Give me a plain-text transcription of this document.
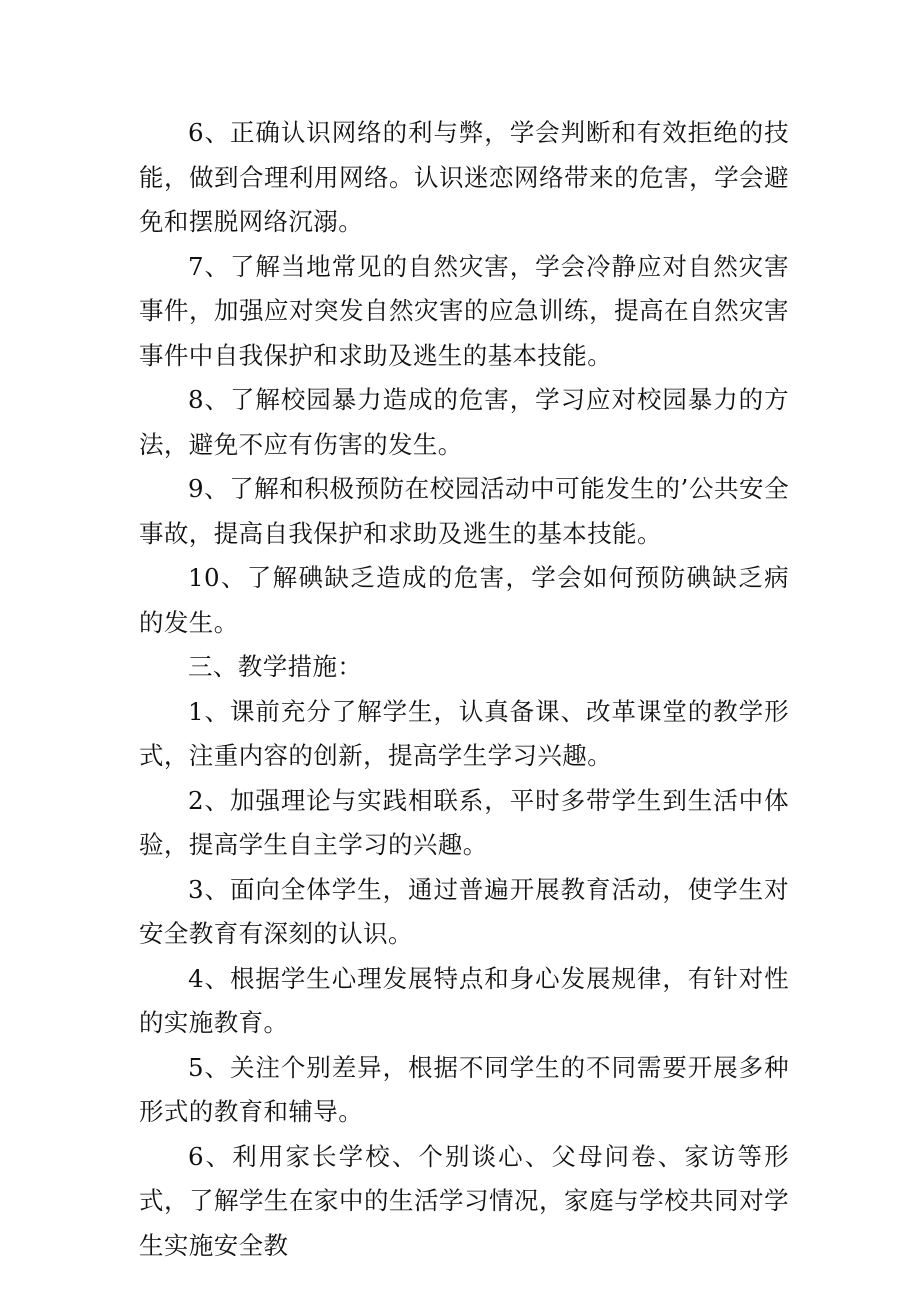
6、正确认识网络的利与弊，学会判断和有效拒绝的技能，做到合理利用网络。认识迷恋网络带来的危害，学会避免和摆脱网络沉溺。

7、了解当地常见的自然灾害，学会冷静应对自然灾害事件，加强应对突发自然灾害的应急训练，提高在自然灾害事件中自我保护和求助及逃生的基本技能。

8、了解校园暴力造成的危害，学习应对校园暴力的方法，避免不应有伤害的发生。

9、了解和积极预防在校园活动中可能发生的’公共安全事故，提高自我保护和求助及逃生的基本技能。

10、了解碘缺乏造成的危害，学会如何预防碘缺乏病的发生。

三、教学措施：

1、课前充分了解学生，认真备课、改革课堂的教学形式，注重内容的创新，提高学生学习兴趣。

2、加强理论与实践相联系，平时多带学生到生活中体验，提高学生自主学习的兴趣。

3、面向全体学生，通过普遍开展教育活动，使学生对安全教育有深刻的认识。

4、根据学生心理发展特点和身心发展规律，有针对性的实施教育。

5、关注个别差异，根据不同学生的不同需要开展多种形式的教育和辅导。

6、利用家长学校、个别谈心、父母问卷、家访等形式，了解学生在家中的生活学习情况，家庭与学校共同对学生实施安全教
